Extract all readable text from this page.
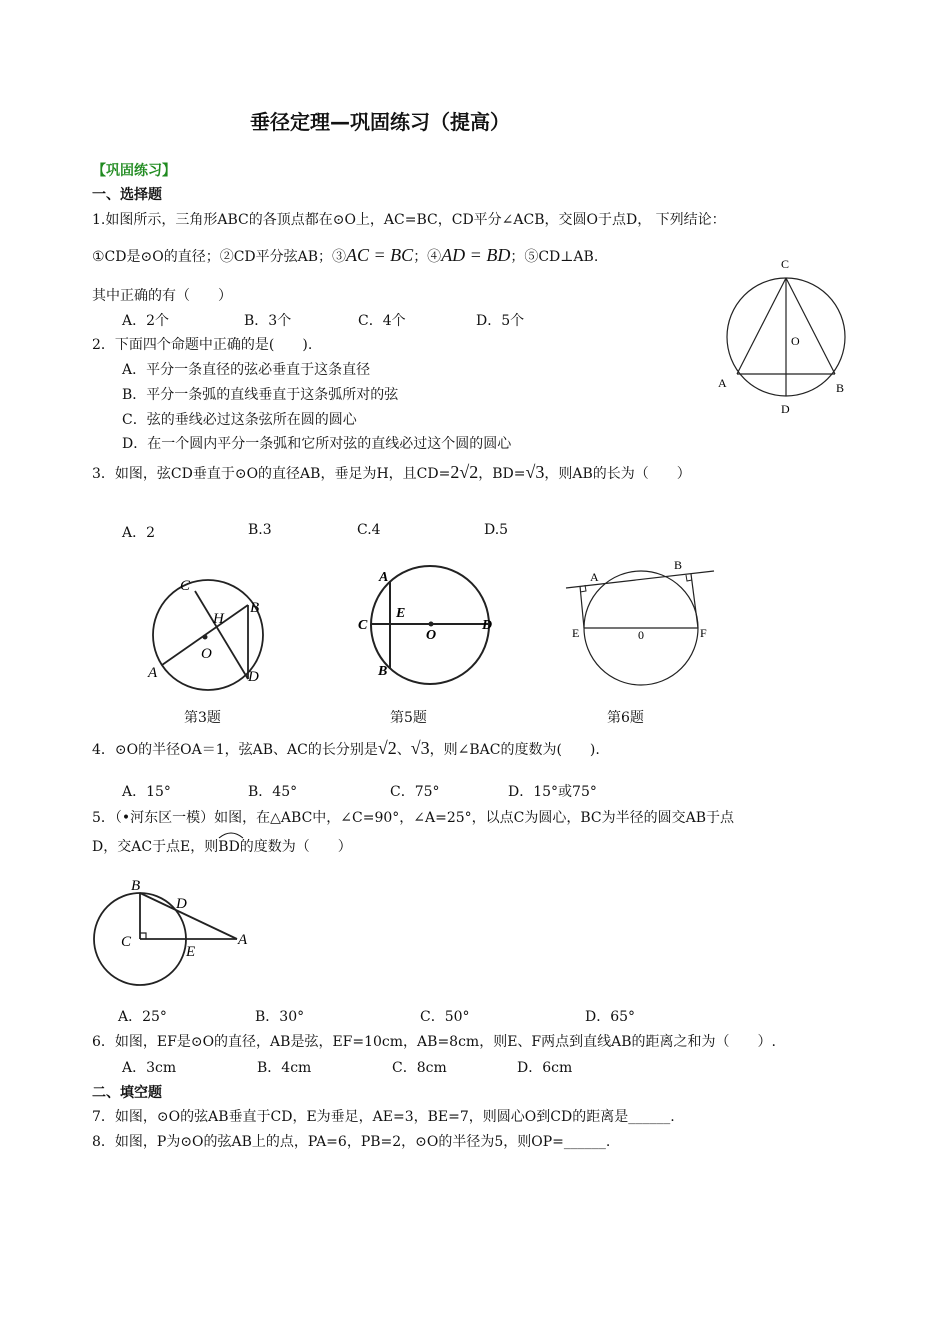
垂径定理—巩固练习（提高）
【巩固练习】
一、选择题
1.如图所示，三角形ABC的各顶点都在⊙O上，AC=BC，CD平分∠ACB，交圆O于点D， 下列结论：
①CD是⊙O的直径；②CD平分弦AB；③AC = BC；④AD = BD；⑤CD⊥AB.
其中正确的有（　　）
A．2个	B．3个	C．4个	D．5个
C
O
A	B
D
2．下面四个命题中正确的是(　　).
A．平分一条直径的弦必垂直于这条直径
B．平分一条弧的直线垂直于这条弧所对的弦
C．弦的垂线必过这条弦所在圆的圆心
D．在一个圆内平分一条弧和它所对弦的直线必过这个圆的圆心
3．如图，弦CD垂直于⊙O的直径AB，垂足为H，且CD=2√2，BD=√3，则AB的长为（　　）
A．2	B.3	C.4	D.5
C
H
B
O
A	D
第3题
A
E
C
O
D
B
第5题
A
B
E	0	F
第6题
4．⊙O的半径OA＝1，弦AB、AC的长分别是√2、√3，则∠BAC的度数为(　　).
A．15°	B．45°	C．75°	D．15°或75°
5．（•河东区一模）如图，在△ABC中，∠C=90°，∠A=25°，以点C为圆心，BC为半径的圆交AB于点
D，交AC于点E，则
BD的度数为（　　）
B
D
C
E
A
A．25°	B．30°	C．50°	D．65°
6．如图，EF是⊙O的直径，AB是弦，EF=10cm，AB=8cm，则E、F两点到直线AB的距离之和为（　　）.
A．3cm	B．4cm	C．8cm	D．6cm
二、填空题
7．如图，⊙O的弦AB垂直于CD，E为垂足，AE=3，BE=7，则圆心O到CD的距离是______.
8．如图，P为⊙O的弦AB上的点，PA=6，PB=2，⊙O的半径为5，则OP=______.
